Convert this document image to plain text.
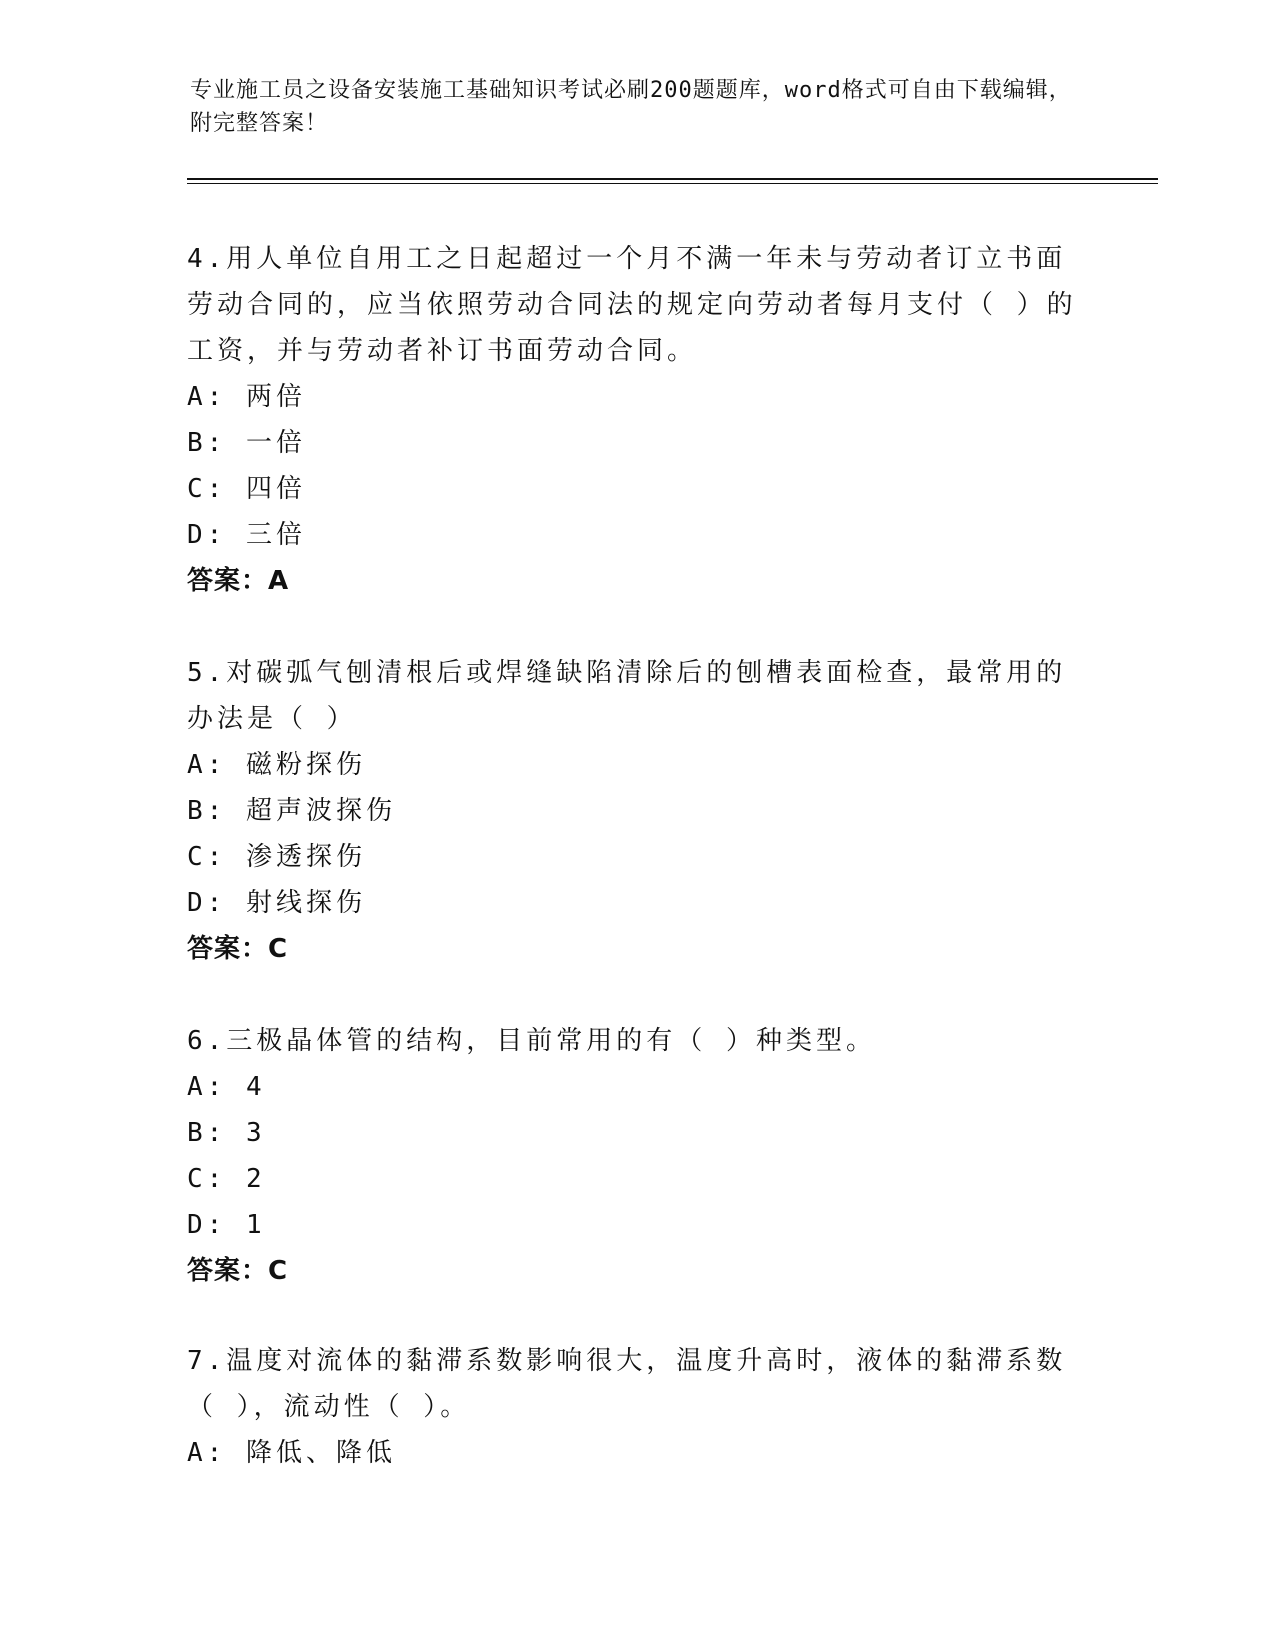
专业施工员之设备安装施工基础知识考试必刷200题题库，word格式可自由下载编辑，附完整答案！
4.用人单位自用工之日起超过一个月不满一年未与劳动者订立书面劳动合同的，应当依照劳动合同法的规定向劳动者每月支付（ ）的工资，并与劳动者补订书面劳动合同。
A: 两倍
B: 一倍
C: 四倍
D: 三倍
答案：A
5.对碳弧气刨清根后或焊缝缺陷清除后的刨槽表面检查，最常用的办法是（ ）
A: 磁粉探伤
B: 超声波探伤
C: 渗透探伤
D: 射线探伤
答案：C
6.三极晶体管的结构，目前常用的有（ ）种类型。
A: 4
B: 3
C: 2
D: 1
答案：C
7.温度对流体的黏滞系数影响很大，温度升高时，液体的黏滞系数（ ），流动性（ ）。
A: 降低、降低
